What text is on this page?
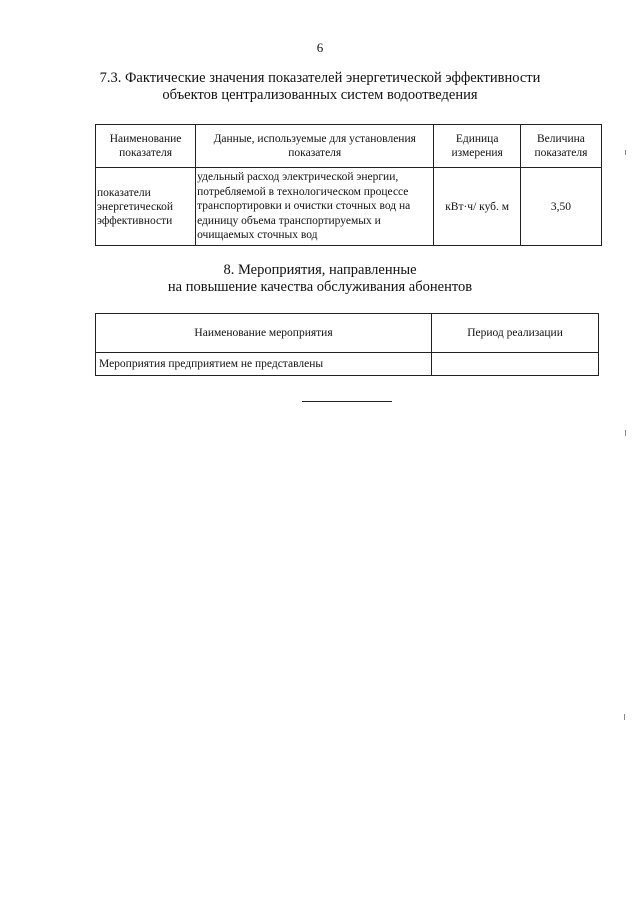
6
7.3. Фактические значения показателей энергетической эффективности
объектов централизованных систем водоотведения
Наименование показателя	Данные, используемые для установления показателя	Единица измерения	Величина показателя
показатели энергетической эффективности	удельный расход электрической энергии, потребляемой в технологическом процессе транспортировки и очистки сточных вод на единицу объема транспортируемых и очищаемых сточных вод	кВт·ч/ куб. м	3,50
8. Мероприятия, направленные
на повышение качества обслуживания абонентов
Наименование мероприятия	Период реализации
Мероприятия предприятием не представлены	
